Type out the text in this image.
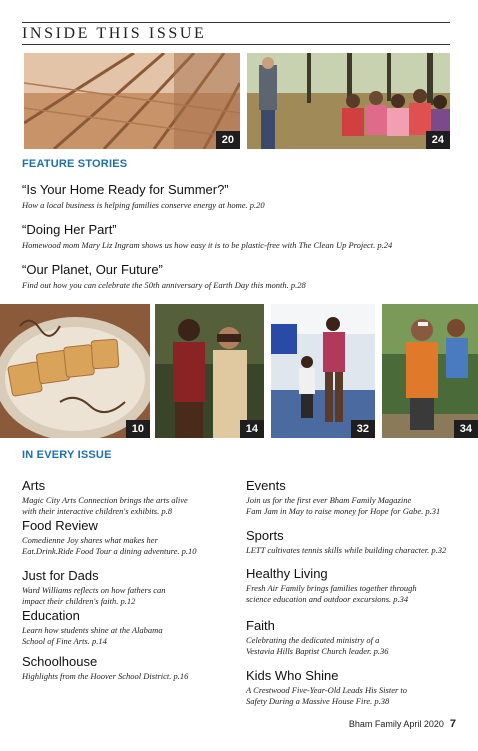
INSIDE THIS ISSUE
20	24
FEATURE STORIES
“Is Your Home Ready for Summer?”
How a local business is helping families conserve energy at home. p.20
“Doing Her Part”
Homewood mom Mary Liz Ingram shows us how easy it is to be plastic-free with The Clean Up Project. p.24
“Our Planet, Our Future”
Find out how you can celebrate the 50th anniversary of Earth Day this month. p.28
10	14	32	34
IN EVERY ISSUE
Arts
Magic City Arts Connection brings the arts alive
with their interactive children's exhibits. p.8
Food Review
Comedienne Joy shares what makes her
Eat.Drink.Ride Food Tour a dining adventure. p.10
Just for Dads
Ward Williams reflects on how fathers can
impact their children's faith. p.12
Education
Learn how students shine at the Alabama
School of Fine Arts. p.14
Schoolhouse
Highlights from the Hoover School District. p.16
Events
Join us for the first ever Bham Family Magazine
Fam Jam in May to raise money for Hope for Gabe. p.31
Sports
LETT cultivates tennis skills while building character. p.32
Healthy Living
Fresh Air Family brings families together through
science education and outdoor excursions. p.34
Faith
Celebrating the dedicated ministry of a
Vestavia Hills Baptist Church leader. p.36
Kids Who Shine
A Crestwood Five-Year-Old Leads His Sister to
Safety During a Massive House Fire. p.38
Bham Family April 2020 7
